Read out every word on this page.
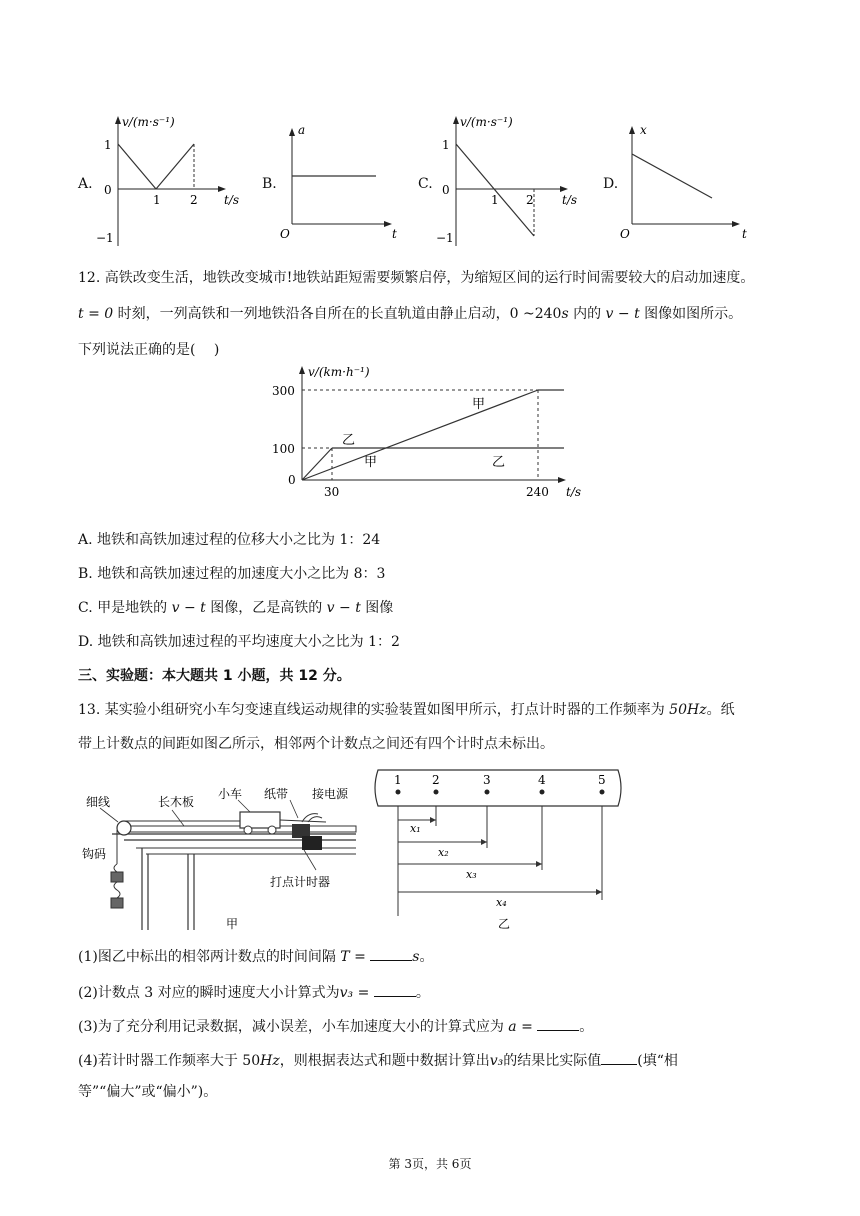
A.
v/(m·s⁻¹)
1
0
−1
1 2 t/s
B.
a
O	t
C.
v/(m·s⁻¹)
1
0
−1
1 2 t/s
D.
x
O	t
12. 高铁改变生活，地铁改变城市!地铁站距短需要频繁启停，为缩短区间的运行时间需要较大的启动加速度。
t = 0 时刻，一列高铁和一列地铁沿各自所在的长直轨道由静止启动，0 ~240s 内的 v − t 图像如图所示。
下列说法正确的是(　 )
v/(km·h⁻¹)
300
100
0
30	240 t/s
甲
乙
甲	乙
A. 地铁和高铁加速过程的位移大小之比为 1：24
B. 地铁和高铁加速过程的加速度大小之比为 8：3
C. 甲是地铁的 v − t 图像，乙是高铁的 v − t 图像
D. 地铁和高铁加速过程的平均速度大小之比为 1：2
三、实验题：本大题共 1 小题，共 12 分。
13. 某实验小组研究小车匀变速直线运动规律的实验装置如图甲所示，打点计时器的工作频率为 50Hz。纸
带上计数点的间距如图乙所示，相邻两个计数点之间还有四个计时点未标出。
长木板
小车 纸带 接电源
细线
钩码
打点计时器
甲
1	2	3	4	5
x₁
x₂
x₃
x₄
乙
(1)图乙中标出的相邻两计数点的时间间隔 T =	s。
(2)计数点 3 对应的瞬时速度大小计算式为v₃ =	。
(3)为了充分利用记录数据，减小误差，小车加速度大小的计算式应为 a =	。
(4)若计时器工作频率大于 50Hz，则根据表达式和题中数据计算出v₃的结果比实际值	(填“相
等”“偏大”或“偏小”)。
第 3页，共 6页
